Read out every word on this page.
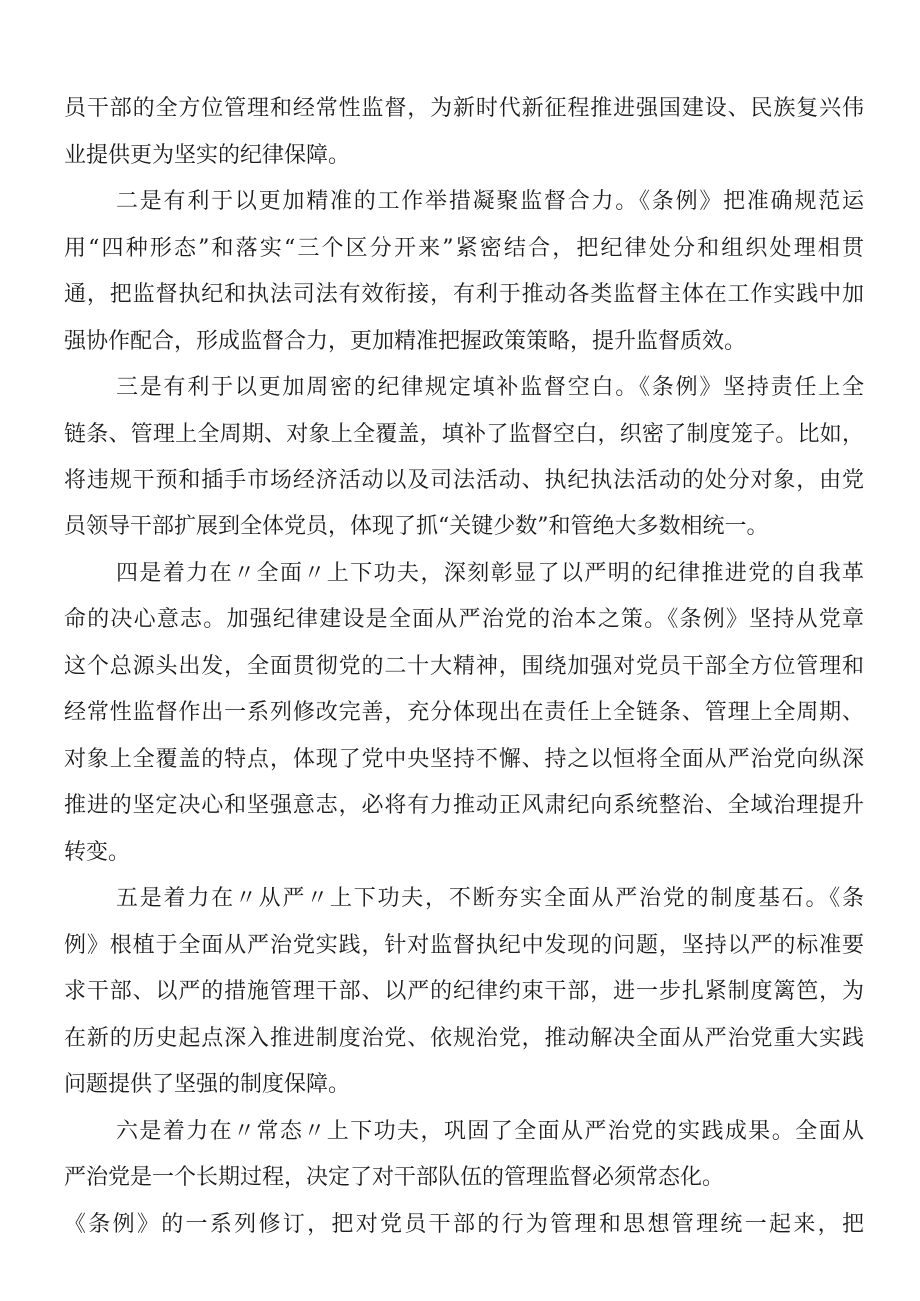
员干部的全方位管理和经常性监督，为新时代新征程推进强国建设、民族复兴伟
业提供更为坚实的纪律保障。
二是有利于以更加精准的工作举措凝聚监督合力。《条例》把准确规范运
用“四种形态”和落实“三个区分开来”紧密结合，把纪律处分和组织处理相贯
通，把监督执纪和执法司法有效衔接，有利于推动各类监督主体在工作实践中加
强协作配合，形成监督合力，更加精准把握政策策略，提升监督质效。
三是有利于以更加周密的纪律规定填补监督空白。《条例》坚持责任上全
链条、管理上全周期、对象上全覆盖，填补了监督空白，织密了制度笼子。比如，
将违规干预和插手市场经济活动以及司法活动、执纪执法活动的处分对象，由党
员领导干部扩展到全体党员，体现了抓“关键少数”和管绝大多数相统一。
四是着力在〃全面〃上下功夫，深刻彰显了以严明的纪律推进党的自我革
命的决心意志。加强纪律建设是全面从严治党的治本之策。《条例》坚持从党章
这个总源头出发，全面贯彻党的二十大精神，围绕加强对党员干部全方位管理和
经常性监督作出一系列修改完善，充分体现出在责任上全链条、管理上全周期、
对象上全覆盖的特点，体现了党中央坚持不懈、持之以恒将全面从严治党向纵深
推进的坚定决心和坚强意志，必将有力推动正风肃纪向系统整治、全域治理提升
转变。
五是着力在〃从严〃上下功夫，不断夯实全面从严治党的制度基石。《条
例》根植于全面从严治党实践，针对监督执纪中发现的问题，坚持以严的标准要
求干部、以严的措施管理干部、以严的纪律约束干部，进一步扎紧制度篱笆，为
在新的历史起点深入推进制度治党、依规治党，推动解决全面从严治党重大实践
问题提供了坚强的制度保障。
六是着力在〃常态〃上下功夫，巩固了全面从严治党的实践成果。全面从
严治党是一个长期过程，决定了对干部队伍的管理监督必须常态化。
《条例》的一系列修订，把对党员干部的行为管理和思想管理统一起来，把
